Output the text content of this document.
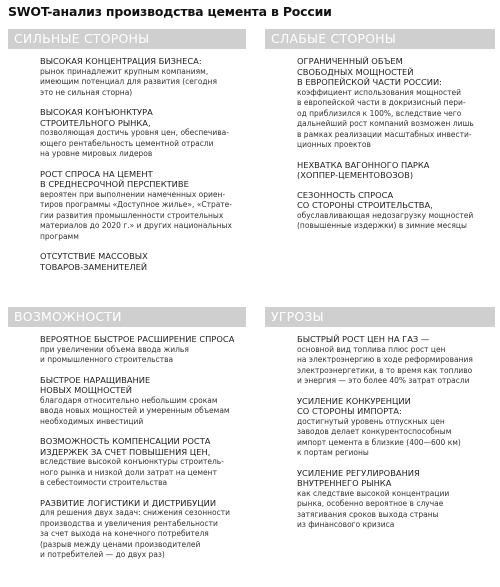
SWOT-анализ производства цемента в России
СИЛЬНЫЕ СТОРОНЫ
ВЫСОКАЯ КОНЦЕНТРАЦИЯ БИЗНЕСА:
рынок принадлежит крупным компаниям,
имеющим потенциал для развития (сегодня
это не сильная сторна)
ВЫСОКАЯ КОНЪЮНКТУРА
СТРОИТЕЛЬНОГО РЫНКА,
позволяющая достичь уровня цен, обеспечива-
ющего рентабельность цементной отрасли
на уровне мировых лидеров
РОСТ СПРОСА НА ЦЕМЕНТ
В СРЕДНЕСРОЧНОЙ ПЕРСПЕКТИВЕ
вероятен при выполнении намеченных ориен-
тиров программы «Доступное жилье», «Страте-
гии развития промышленности строительных
материалов до 2020 г.» и других национальных
программ
ОТСУТСТВИЕ МАССОВЫХ
ТОВАРОВ-ЗАМЕНИТЕЛЕЙ
СЛАБЫЕ СТОРОНЫ
ОГРАНИЧЕННЫЙ ОБЪЕМ
СВОБОДНЫХ МОЩНОСТЕЙ
В ЕВРОПЕЙСКОЙ ЧАСТИ РОССИИ:
коэффициент использования мощностей
в европейской части в докризисный пери-
од приблизился к 100%, вследствие чего
дальнейший рост компаний возможен лишь
в рамках реализации масштабных инвести-
ционных проектов
НЕХВАТКА ВАГОННОГО ПАРКА
(ХОППЕР-ЦЕМЕНТОВОЗОВ)
СЕЗОННОСТЬ СПРОСА
СО СТОРОНЫ СТРОИТЕЛЬСТВА,
обуславливающая недозагрузку мощностей
(повышенные издержки) в зимние месяцы
ВОЗМОЖНОСТИ
ВЕРОЯТНОЕ БЫСТРОЕ РАСШИРЕНИЕ СПРОСА
при увеличении объема ввода жилья
и промышленного строительства
БЫСТРОЕ НАРАЩИВАНИЕ
НОВЫХ МОЩНОСТЕЙ
благодаря относительно небольшим срокам
ввода новых мощностей и умеренным объемам
необходимых инвестиций
ВОЗМОЖНОСТЬ КОМПЕНСАЦИИ РОСТА
ИЗДЕРЖЕК ЗА СЧЕТ ПОВЫШЕНИЯ ЦЕН,
вследствие высокой конъюнктуры строитель-
ного рынка и низкой доли затрат на цемент
в себестоимости строительства
РАЗВИТИЕ ЛОГИСТИКИ И ДИСТРИБУЦИИ
для решения двух задач: снижения сезонности
производства и увеличения рентабельности
за счет выхода на конечного потребителя
(разрыв между ценами производителей
и потребителей — до двух раз)
УГРОЗЫ
БЫСТРЫЙ РОСТ ЦЕН НА ГАЗ —
основной вид топлива плюс рост цен
на электроэнергию в ходе реформирования
электроэнергетики, в то время как топливо
и энергия — это более 40% затрат отрасли
УСИЛЕНИЕ КОНКУРЕНЦИИ
СО СТОРОНЫ ИМПОРТА:
достигнутый уровень отпускных цен
заводов делает конкурентоспособным
импорт цемента в близкие (400—600 км)
к портам регионы
УСИЛЕНИЕ РЕГУЛИРОВАНИЯ
ВНУТРЕННЕГО РЫНКА
как следствие высокой концентрации
рынка, особенно вероятное в случае
затягивания сроков выхода страны
из финансового кризиса
